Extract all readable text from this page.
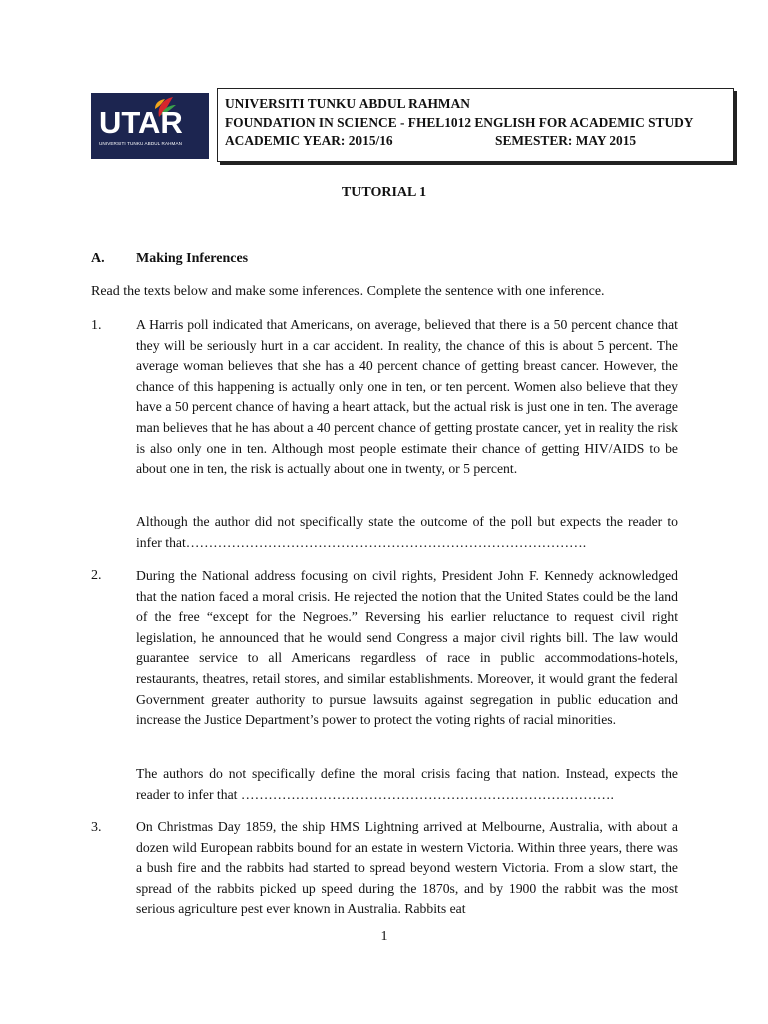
UTAR
UNIVERSITI TUNKU ABDUL RAHMAN
UNIVERSITI TUNKU ABDUL RAHMAN
FOUNDATION IN SCIENCE - FHEL1012 ENGLISH FOR ACADEMIC STUDY
ACADEMIC YEAR: 2015/16	SEMESTER: MAY 2015
TUTORIAL 1
A. Making Inferences
Read the texts below and make some inferences. Complete the sentence with one inference.
1.	A Harris poll indicated that Americans, on average, believed that there is a 50 percent chance that they will be seriously hurt in a car accident. In reality, the chance of this is about 5 percent. The average woman believes that she has a 40 percent chance of getting breast cancer. However, the chance of this happening is actually only one in ten, or ten percent. Women also believe that they have a 50 percent chance of having a heart attack, but the actual risk is just one in ten. The average man believes that he has about a 40 percent chance of getting prostate cancer, yet in reality the risk is also only one in ten. Although most people estimate their chance of getting HIV/AIDS to be about one in ten, the risk is actually about one in twenty, or 5 percent.

Although the author did not specifically state the outcome of the poll but expects the reader to infer that…………………………………………………………………………….

2.	During the National address focusing on civil rights, President John F. Kennedy acknowledged that the nation faced a moral crisis. He rejected the notion that the United States could be the land of the free “except for the Negroes.” Reversing his earlier reluctance to request civil right legislation, he announced that he would send Congress a major civil rights bill. The law would guarantee service to all Americans regardless of race in public accommodations-hotels, restaurants, theatres, retail stores, and similar establishments. Moreover, it would grant the federal Government greater authority to pursue lawsuits against segregation in public education and increase the Justice Department’s power to protect the voting rights of racial minorities.

The authors do not specifically define the moral crisis facing that nation. Instead, expects the reader to infer that ……………………………………………………………………….

3.	On Christmas Day 1859, the ship HMS Lightning arrived at Melbourne, Australia, with about a dozen wild European rabbits bound for an estate in western Victoria. Within three years, there was a bush fire and the rabbits had started to spread beyond western Victoria. From a slow start, the spread of the rabbits picked up speed during the 1870s, and by 1900 the rabbit was the most serious agriculture pest ever known in Australia. Rabbits eat

1
